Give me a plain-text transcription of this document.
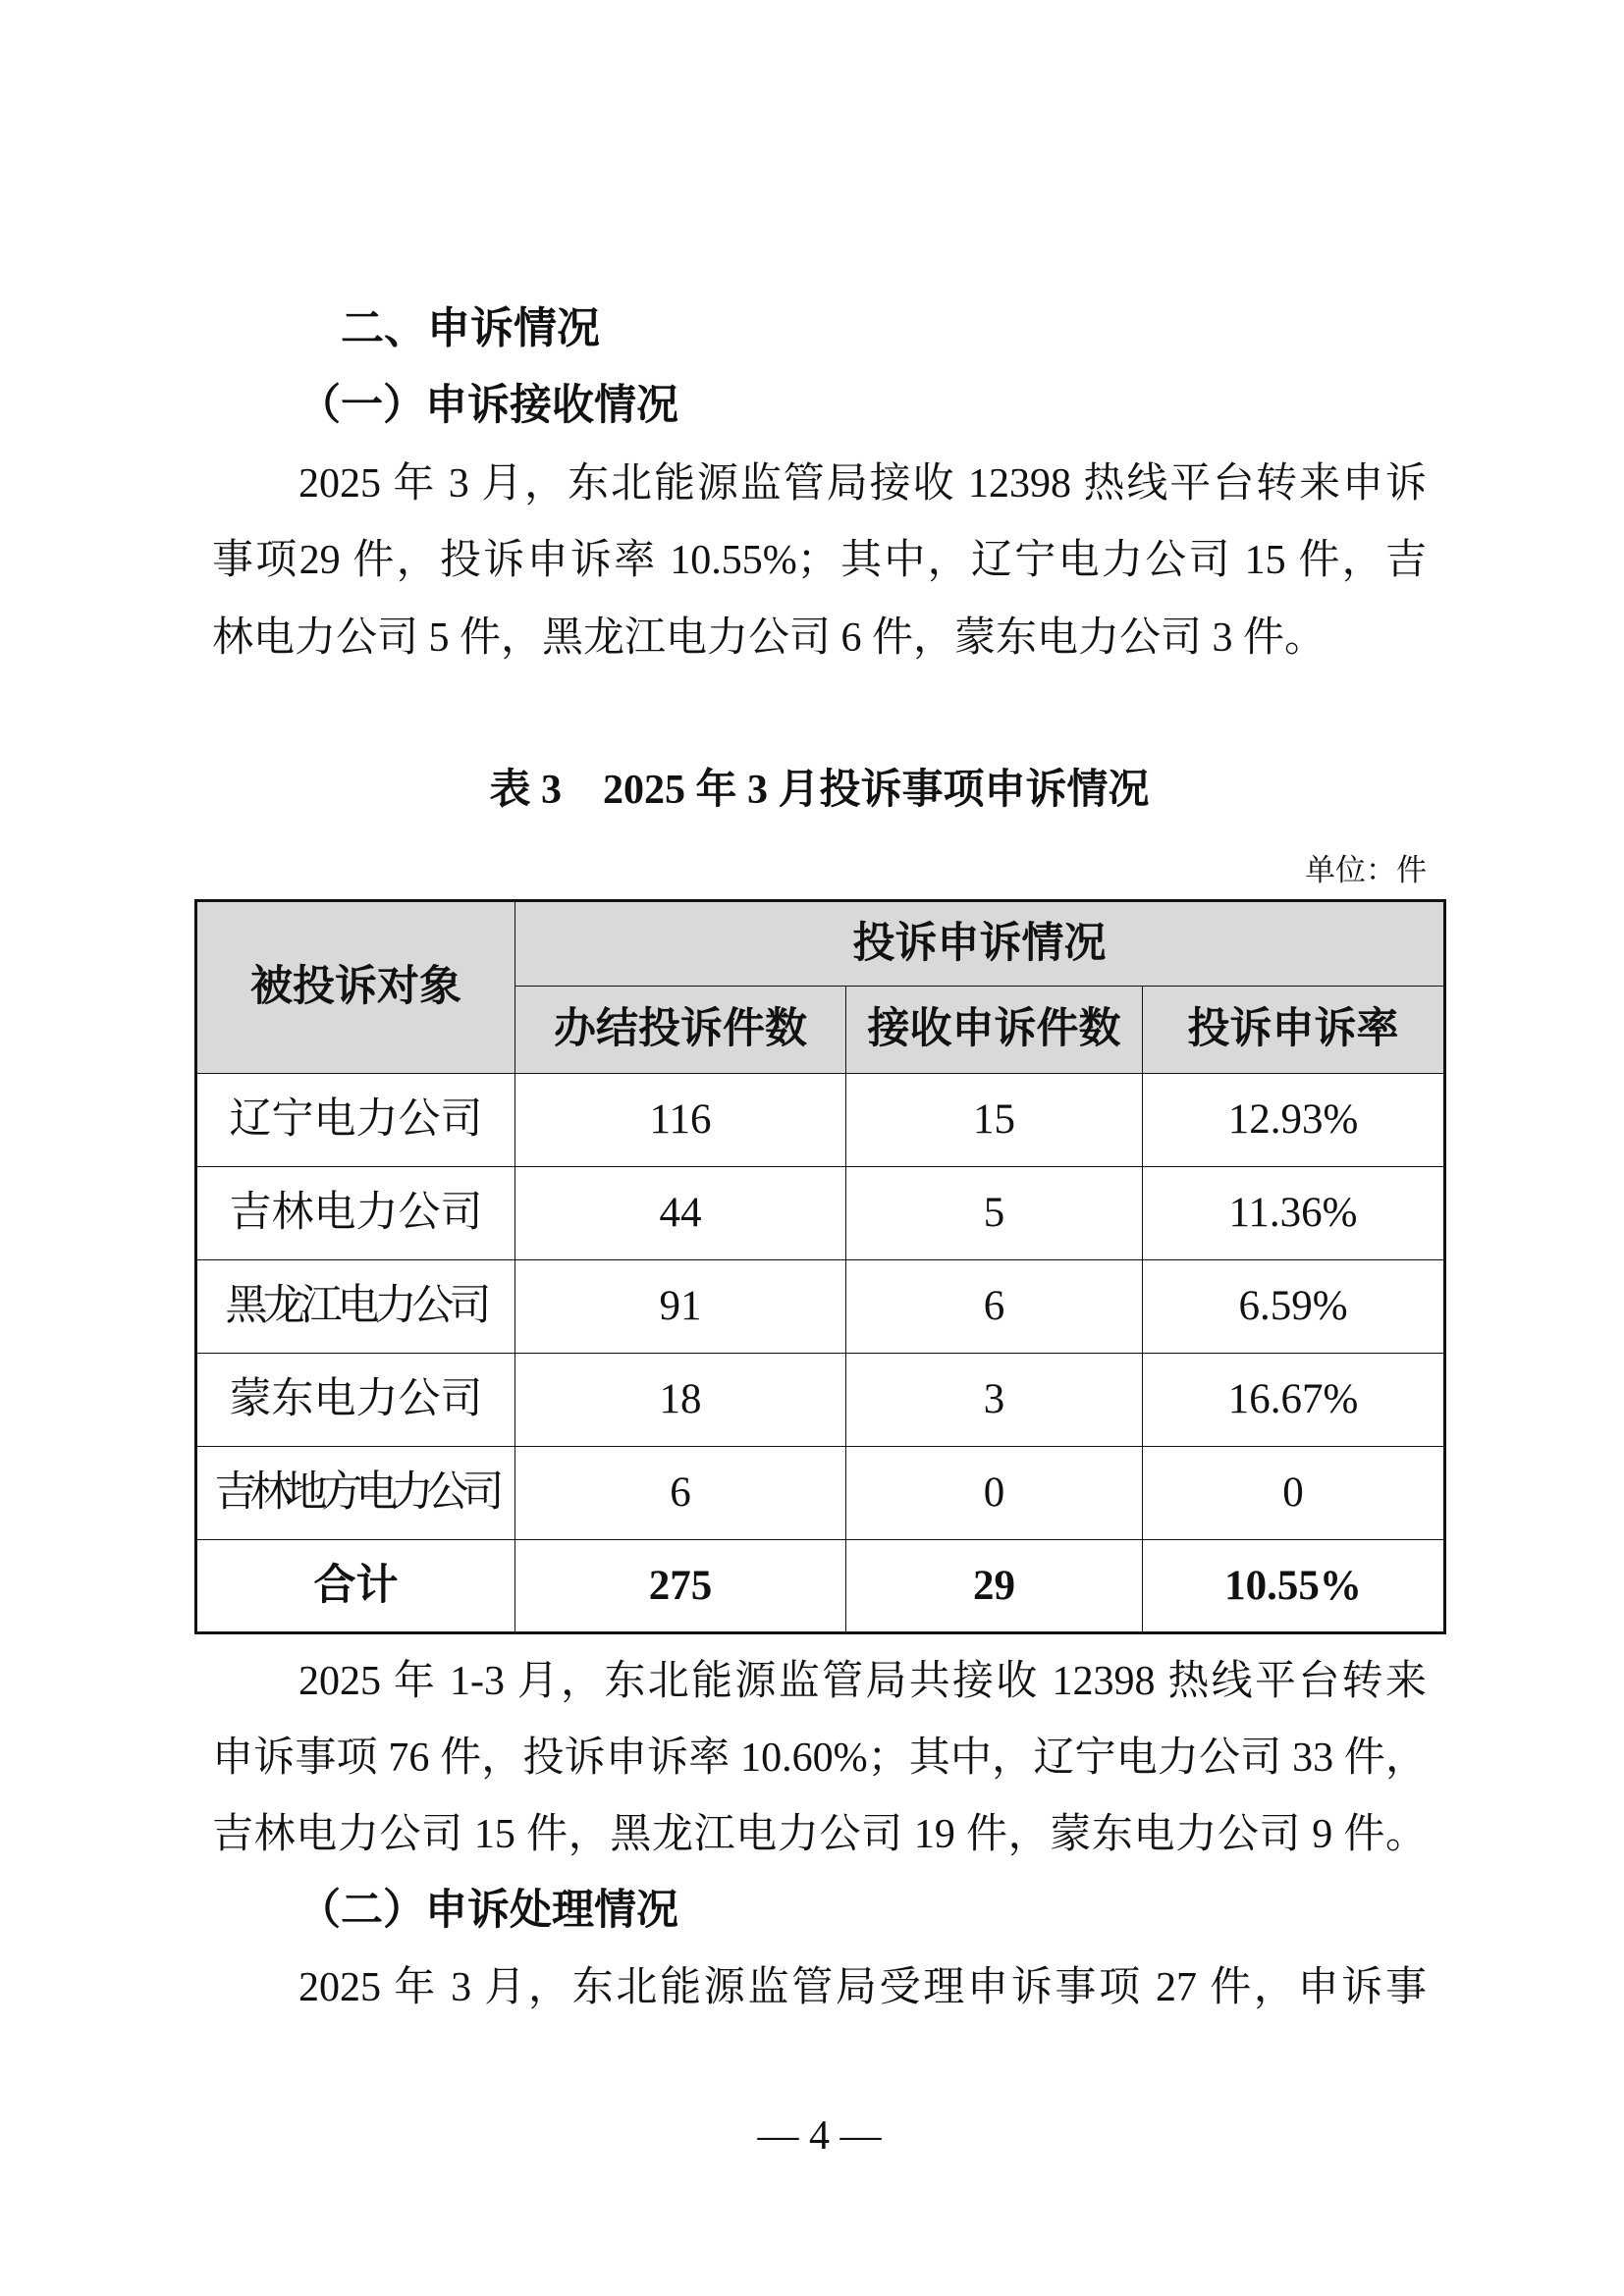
二、申诉情况
（一）申诉接收情况
2025 年 3 月，东北能源监管局接收 12398 热线平台转来申诉
事项29 件，投诉申诉率 10.55%；其中，辽宁电力公司 15 件，吉
林电力公司 5 件，黑龙江电力公司 6 件，蒙东电力公司 3 件。
表 3　2025 年 3 月投诉事项申诉情况
单位：件
被投诉对象	投诉申诉情况		
	办结投诉件数	接收申诉件数	投诉申诉率
辽宁电力公司	116	15	12.93%
吉林电力公司	44	5	11.36%
黑龙江电力公司	91	6	6.59%
蒙东电力公司	18	3	16.67%
吉林地方电力公司	6	0	0
合计	275	29	10.55%
2025 年 1-3 月，东北能源监管局共接收 12398 热线平台转来
申诉事项 76 件，投诉申诉率 10.60%；其中，辽宁电力公司 33 件，
吉林电力公司 15 件，黑龙江电力公司 19 件，蒙东电力公司 9 件。
（二）申诉处理情况
2025 年 3 月，东北能源监管局受理申诉事项 27 件，申诉事
— 4 —
